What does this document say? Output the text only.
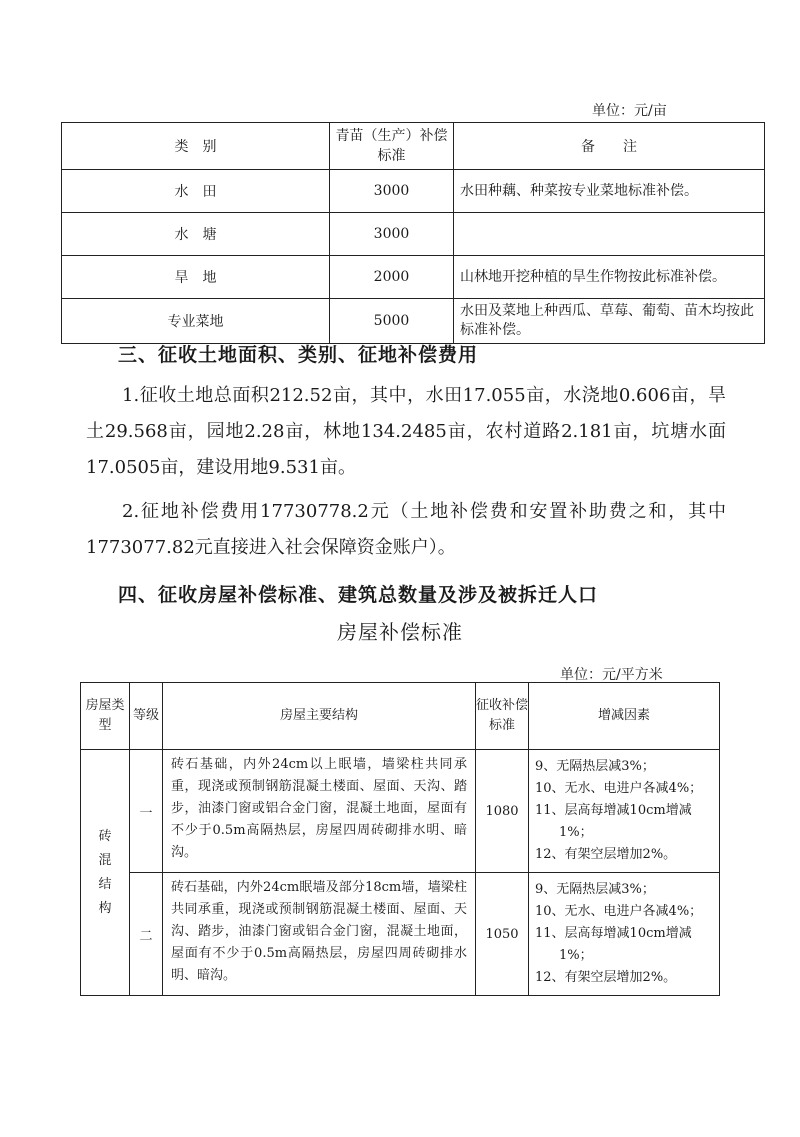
单位：元/亩
类　别	青苗（生产）补偿标准	备　　注
水　田	3000	水田种藕、种菜按专业菜地标准补偿。
水　塘	3000	
旱　地	2000	山林地开挖种植的旱生作物按此标准补偿。
专业菜地	5000	水田及菜地上种西瓜、草莓、葡萄、苗木均按此标准补偿。
三、征收土地面积、类别、征地补偿费用

1.征收土地总面积212.52亩，其中，水田17.055亩，水浇地0.606亩，旱土29.568亩，园地2.28亩，林地134.2485亩，农村道路2.181亩，坑塘水面17.0505亩，建设用地9.531亩。

2.征地补偿费用17730778.2元（土地补偿费和安置补助费之和，其中1773077.82元直接进入社会保障资金账户）。

四、征收房屋补偿标准、建筑总数量及涉及被拆迁人口
房屋补偿标准
单位：元/平方米
房屋类型	等级	房屋主要结构	征收补偿标准	增减因素
砖混结构	一	砖石基础，内外24cm以上眠墙，墙梁柱共同承重，现浇或预制钢筋混凝土楼面、屋面、天沟、踏步，油漆门窗或铝合金门窗，混凝土地面，屋面有不少于0.5m高隔热层，房屋四周砖砌排水明、暗沟。	1080	9、无隔热层减3%；
10、无水、电进户各减4%；
11、层高每增减10cm增减1%；
12、有架空层增加2%。

	二	砖石基础，内外24cm眠墙及部分18cm墙，墙梁柱共同承重，现浇或预制钢筋混凝土楼面、屋面、天沟、踏步，油漆门窗或铝合金门窗，混凝土地面，屋面有不少于0.5m高隔热层，房屋四周砖砌排水明、暗沟。	1050	9、无隔热层减3%；
10、无水、电进户各减4%；
11、层高每增减10cm增减1%；
12、有架空层增加2%。
